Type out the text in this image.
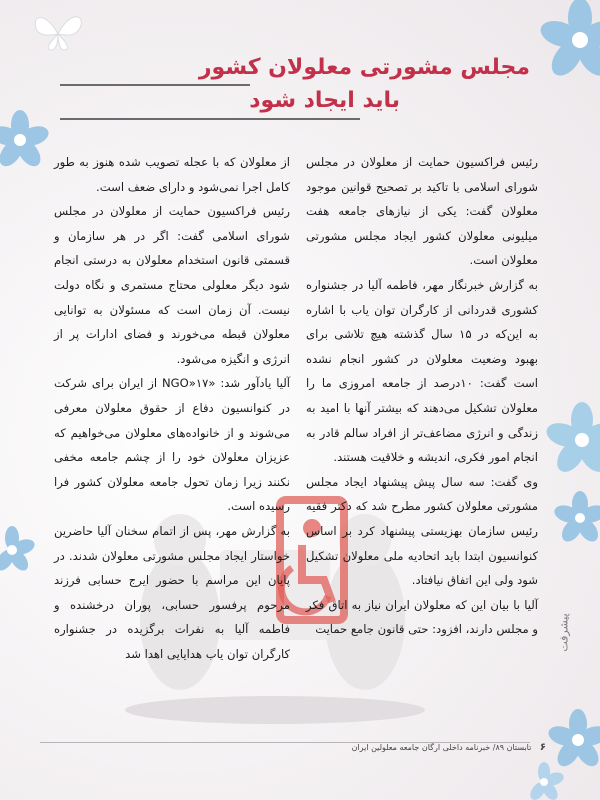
مجلس مشورتی معلولان کشور

باید ایجاد شود

رئیس فراکسیون حمایت از معلولان در مجلس شورای اسلامی با تاکید بر تصحیح قوانین موجود معلولان گفت: یکی از نیازهای جامعه هفت میلیونی معلولان کشور ایجاد مجلس مشورتی معلولان است.

به گزارش خبرنگار مهر، فاطمه آلیا در جشنواره کشوری قدردانی از کارگران توان یاب با اشاره به این‌که در ۱۵ سال گذشته هیچ تلاشی برای بهبود وضعیت معلولان در کشور انجام نشده است گفت: ۱۰درصد از جامعه امروزی ما را معلولان تشکیل می‌دهند که بیشتر آنها با امید به زندگی و انرژی مضاعف‌تر از افراد سالم قادر به انجام امور فکری، اندیشه و خلاقیت هستند.

وی گفت: سه سال پیش پیشنهاد ایجاد مجلس مشورتی معلولان کشور مطرح شد که دکتر فقیه رئیس سازمان بهزیستی پیشنهاد کرد بر اساس کنوانسیون ابتدا باید اتحادیه ملی معلولان تشکیل شود ولی این اتفاق نیافتاد.

آلیا با بیان این که معلولان ایران نیاز به اتاق فکر و مجلس دارند، افزود: حتی قانون جامع حمایت

از معلولان که با عجله تصویب شده هنوز به طور کامل اجرا نمی‌شود و دارای ضعف است.

رئیس فراکسیون حمایت از معلولان در مجلس شورای اسلامی گفت: اگر در هر سازمان و قسمتی قانون استخدام معلولان به درستی انجام شود دیگر معلولی محتاج مستمری و نگاه دولت نیست. آن زمان است که مسئولان به توانایی معلولان قبطه می‌خورند و فضای ادارات پر از انرژی و انگیزه می‌شود.

آلیا یادآور شد: «NGO»۱۷ از ایران برای شرکت در کنوانسیون دفاع از حقوق معلولان معرفی می‌شوند و از خانواده‌های معلولان می‌خواهیم که عزیزان معلولان خود را از چشم جامعه مخفی نکنند زیرا زمان تحول جامعه معلولان کشور فرا رسیده است.

به گزارش مهر، پس از اتمام سخنان آلیا حاضرین خواستار ایجاد مجلس مشورتی معلولان شدند. در پایان این مراسم با حضور ایرج حسابی فرزند مرحوم پرفسور حسابی، پوران درخشنده و فاطمه آلیا به نفرات برگزیده در جشنواره کارگران توان یاب هدایایی اهدا شد

پیشرفت
۶ تابستان ۸۹/ خبرنامه داخلی ارگان جامعه معلولین ایران
